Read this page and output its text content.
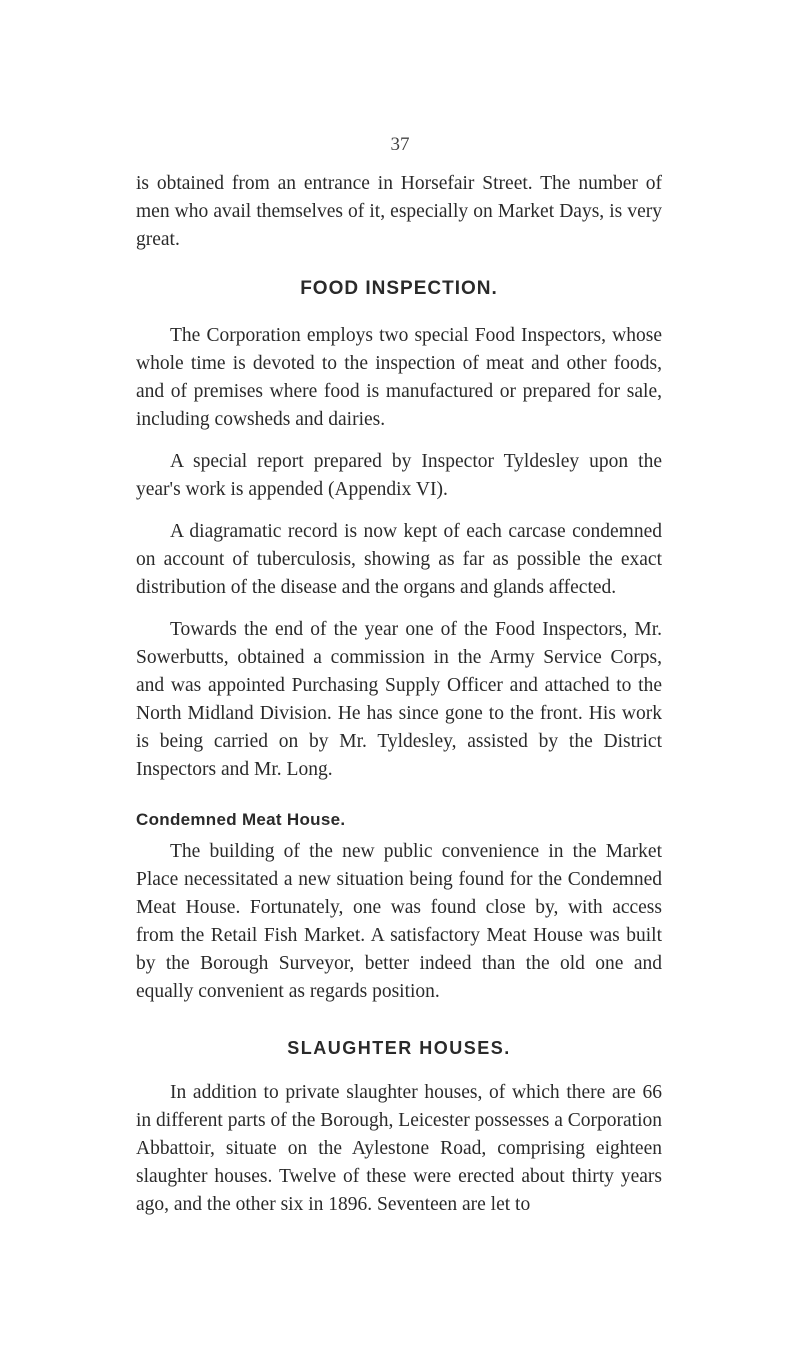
37

is obtained from an entrance in Horsefair Street. The number of men who avail themselves of it, especially on Market Days, is very great.

FOOD INSPECTION.

The Corporation employs two special Food Inspectors, whose whole time is devoted to the inspection of meat and other foods, and of premises where food is manufactured or prepared for sale, including cowsheds and dairies.

A special report prepared by Inspector Tyldesley upon the year's work is appended (Appendix VI).

A diagramatic record is now kept of each carcase condemned on account of tuberculosis, showing as far as possible the exact distribution of the disease and the organs and glands affected.

Towards the end of the year one of the Food Inspectors, Mr. Sowerbutts, obtained a commission in the Army Service Corps, and was appointed Purchasing Supply Officer and attached to the North Midland Division. He has since gone to the front. His work is being carried on by Mr. Tyldesley, assisted by the District Inspectors and Mr. Long.

Condemned Meat House.

The building of the new public convenience in the Market Place necessitated a new situation being found for the Condemned Meat House. Fortunately, one was found close by, with access from the Retail Fish Market. A satisfactory Meat House was built by the Borough Surveyor, better indeed than the old one and equally convenient as regards position.

SLAUGHTER HOUSES.

In addition to private slaughter houses, of which there are 66 in different parts of the Borough, Leicester possesses a Corporation Abbattoir, situate on the Aylestone Road, comprising eighteen slaughter houses. Twelve of these were erected about thirty years ago, and the other six in 1896. Seventeen are let to
